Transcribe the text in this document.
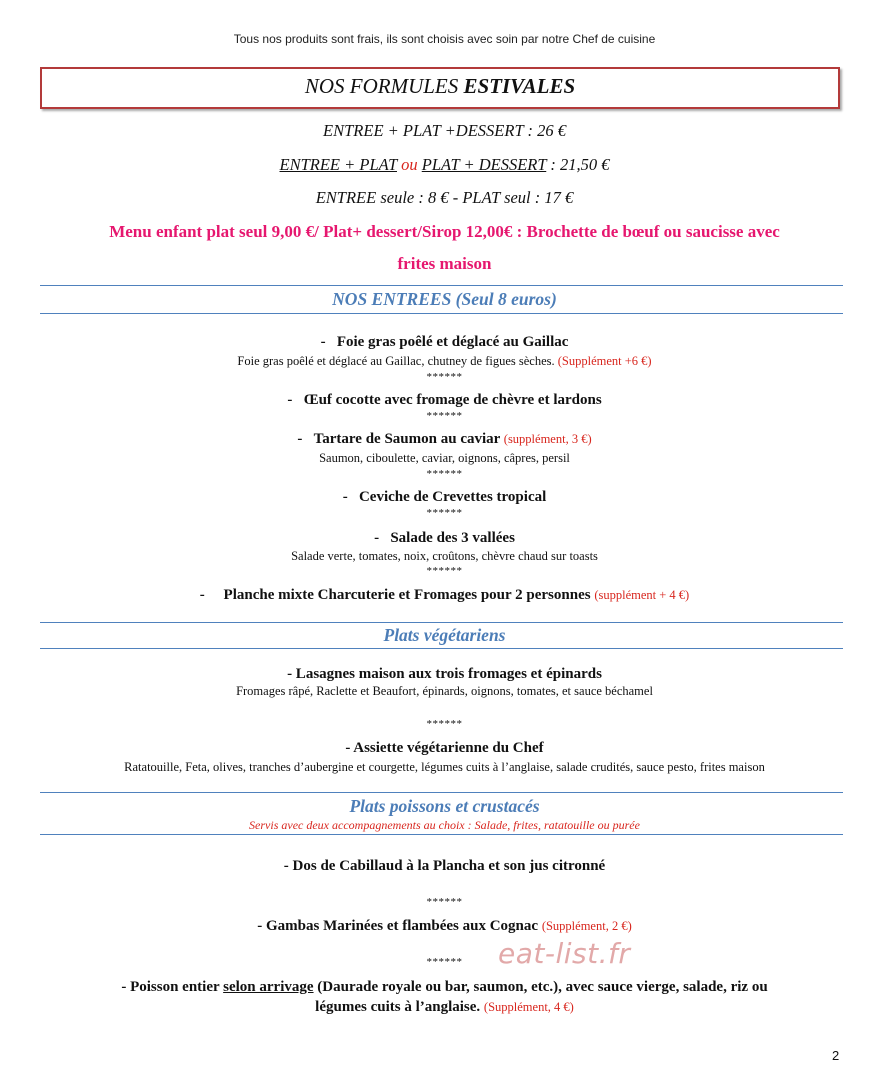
Tous nos produits sont frais, ils sont choisis avec soin par notre Chef de cuisine
NOS FORMULES ESTIVALES
ENTREE + PLAT +DESSERT : 26 €
ENTREE + PLAT ou PLAT + DESSERT : 21,50 €
ENTREE seule : 8 € - PLAT seul : 17 €
Menu enfant plat seul 9,00 €/ Plat+ dessert/Sirop 12,00€ : Brochette de bœuf ou saucisse avec
frites maison
NOS ENTREES (Seul 8 euros)
-   Foie gras poêlé et déglacé au Gaillac
Foie gras poêlé et déglacé au Gaillac, chutney de figues sèches. (Supplément +6 €)
******
-   Œuf cocotte avec fromage de chèvre et lardons
******
-   Tartare de Saumon au caviar (supplément, 3 €)
Saumon, ciboulette, caviar, oignons, câpres, persil
******
-   Ceviche de Crevettes tropical
******
-   Salade des 3 vallées
Salade verte, tomates, noix, croûtons, chèvre chaud sur toasts
******
-     Planche mixte Charcuterie et Fromages pour 2 personnes (supplément + 4 €)
Plats végétariens
- Lasagnes maison aux trois fromages et épinards
Fromages râpé, Raclette et Beaufort, épinards, oignons, tomates, et sauce béchamel
******
- Assiette végétarienne du Chef
Ratatouille, Feta, olives, tranches d’aubergine et courgette, légumes cuits à l’anglaise, salade crudités, sauce pesto, frites maison
Plats poissons et crustacés
Servis avec deux accompagnements au choix : Salade, frites, ratatouille ou purée
- Dos de Cabillaud à la Plancha et son jus citronné
******
- Gambas Marinées et flambées aux Cognac (Supplément, 2 €)
******
- Poisson entier selon arrivage (Daurade royale ou bar, saumon, etc.), avec sauce vierge, salade, riz ou
légumes cuits à l’anglaise. (Supplément, 4 €)
eat-list.fr
2
